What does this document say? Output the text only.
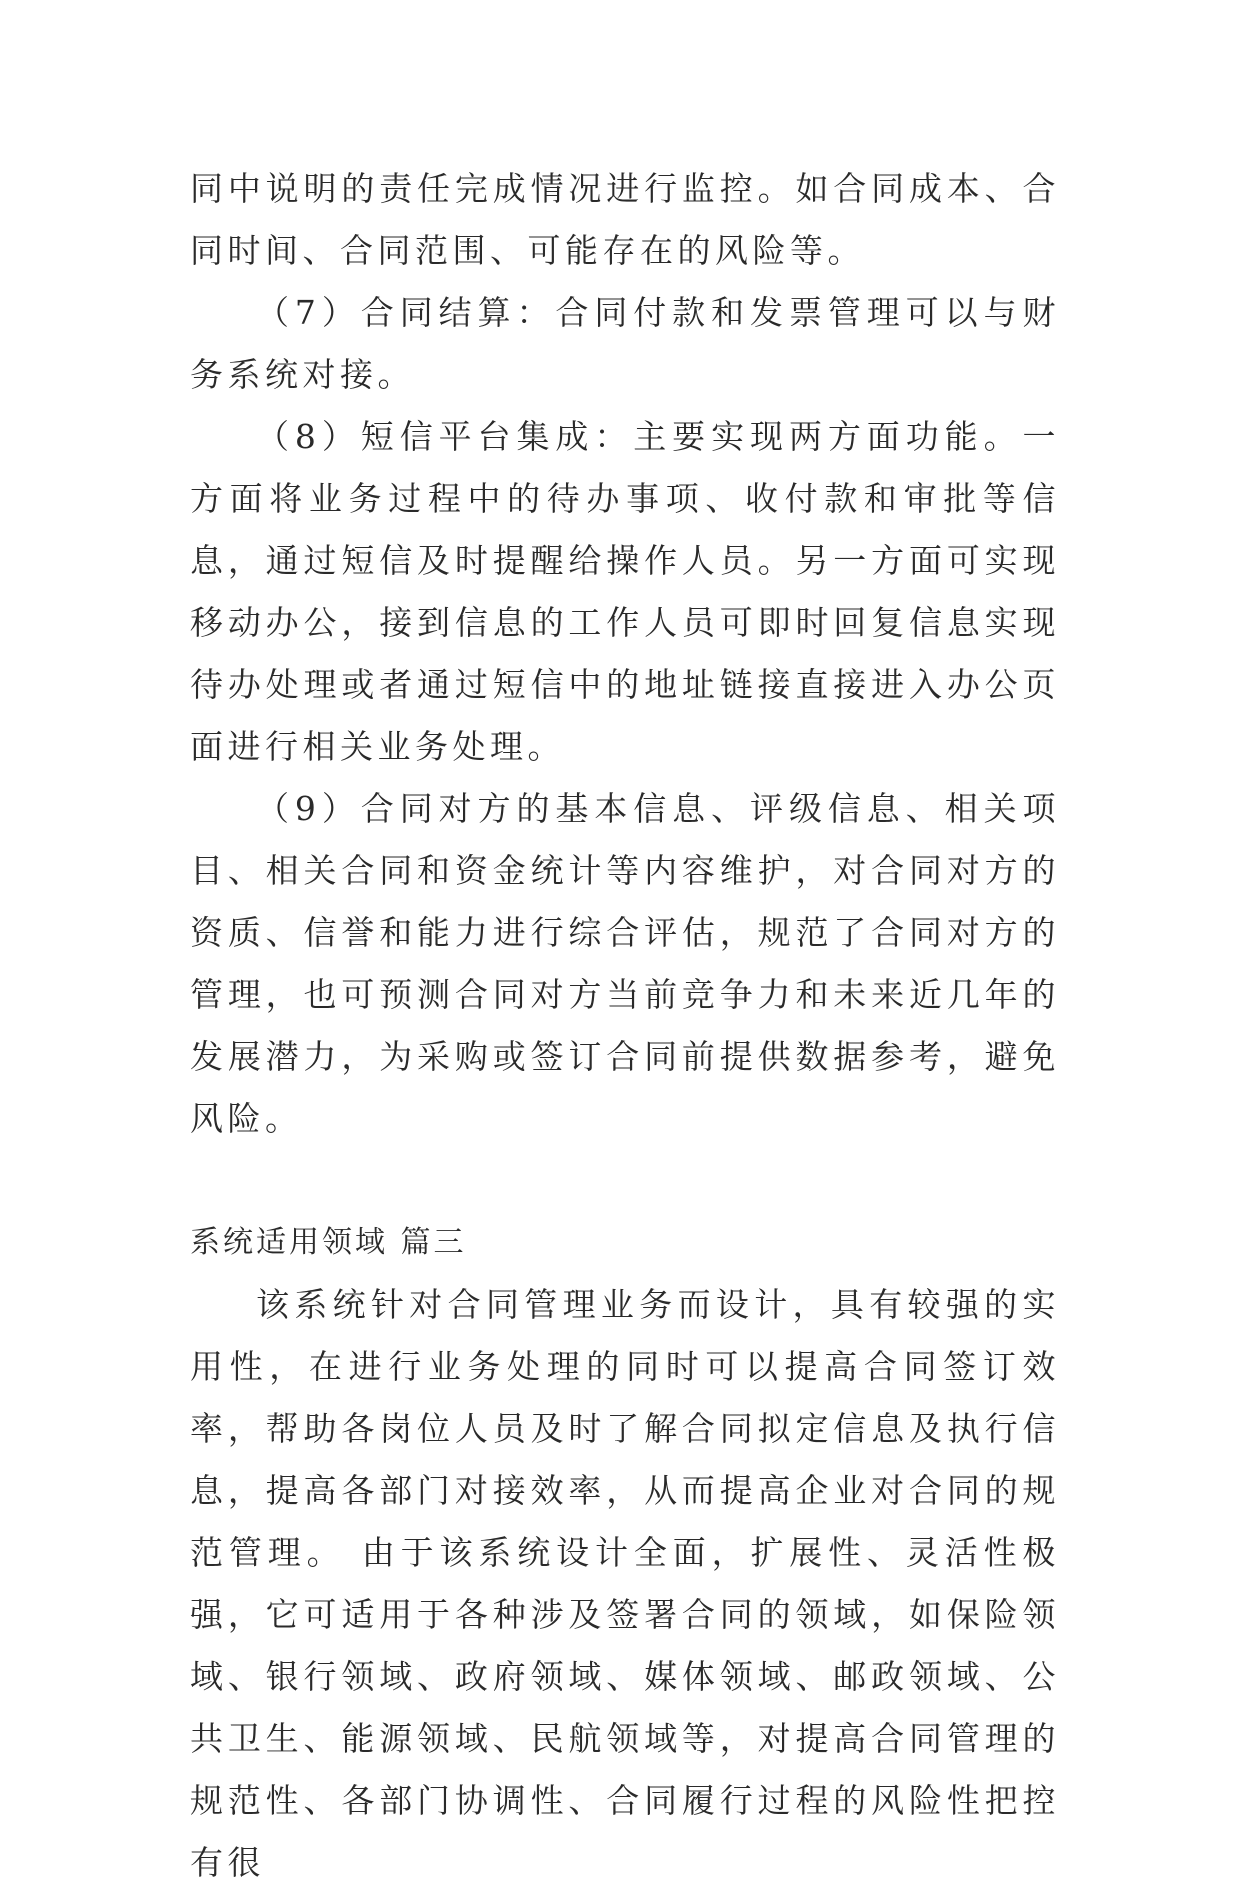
同中说明的责任完成情况进行监控。如合同成本、合同时间、合同范围、可能存在的风险等。

（7）合同结算：合同付款和发票管理可以与财务系统对接。

（8）短信平台集成：主要实现两方面功能。一方面将业务过程中的待办事项、收付款和审批等信息，通过短信及时提醒给操作人员。另一方面可实现移动办公，接到信息的工作人员可即时回复信息实现待办处理或者通过短信中的地址链接直接进入办公页面进行相关业务处理。

（9）合同对方的基本信息、评级信息、相关项目、相关合同和资金统计等内容维护，对合同对方的资质、信誉和能力进行综合评估，规范了合同对方的管理，也可预测合同对方当前竞争力和未来近几年的发展潜力，为采购或签订合同前提供数据参考，避免风险。

系统适用领域 篇三

该系统针对合同管理业务而设计，具有较强的实用性，在进行业务处理的同时可以提高合同签订效率，帮助各岗位人员及时了解合同拟定信息及执行信息，提高各部门对接效率，从而提高企业对合同的规范管理。 由于该系统设计全面，扩展性、灵活性极强，它可适用于各种涉及签署合同的领域，如保险领域、银行领域、政府领域、媒体领域、邮政领域、公共卫生、能源领域、民航领域等，对提高合同管理的规范性、各部门协调性、合同履行过程的风险性把控有很
